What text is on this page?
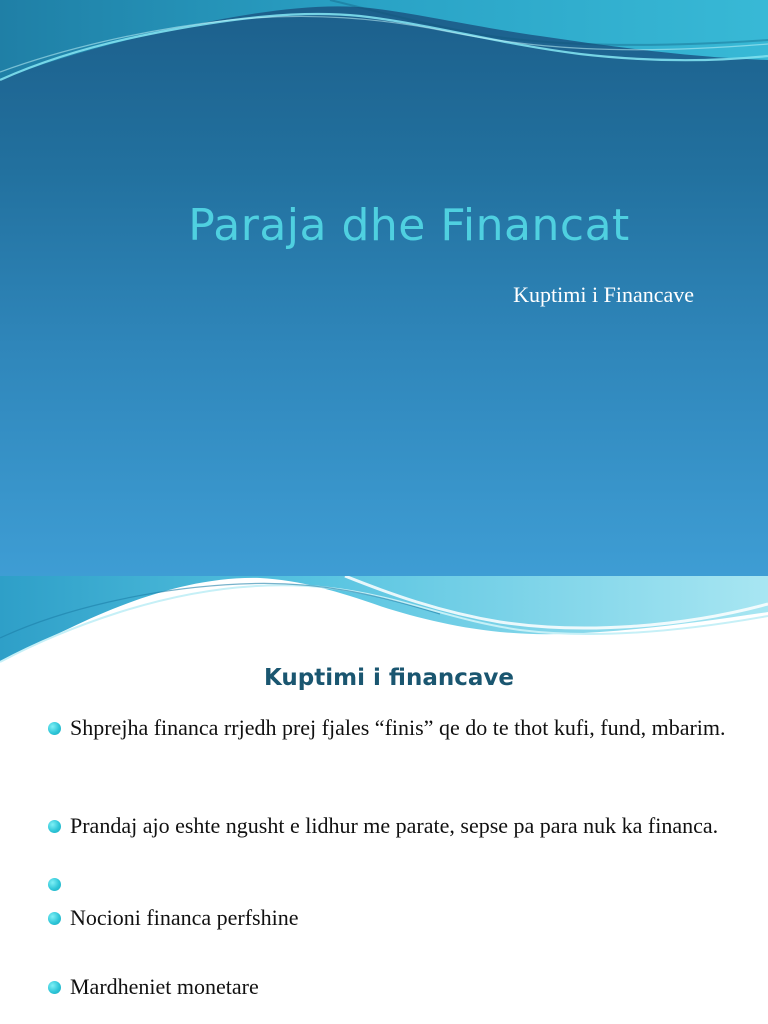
Paraja dhe Financat
Kuptimi i Financave
Kuptimi i financave
Shprejha financa rrjedh prej fjales “finis” qe do te thot kufi, fund, mbarim.
Prandaj ajo eshte ngusht e lidhur me parate, sepse pa para nuk ka financa.
Nocioni financa perfshine
Mardheniet monetare
